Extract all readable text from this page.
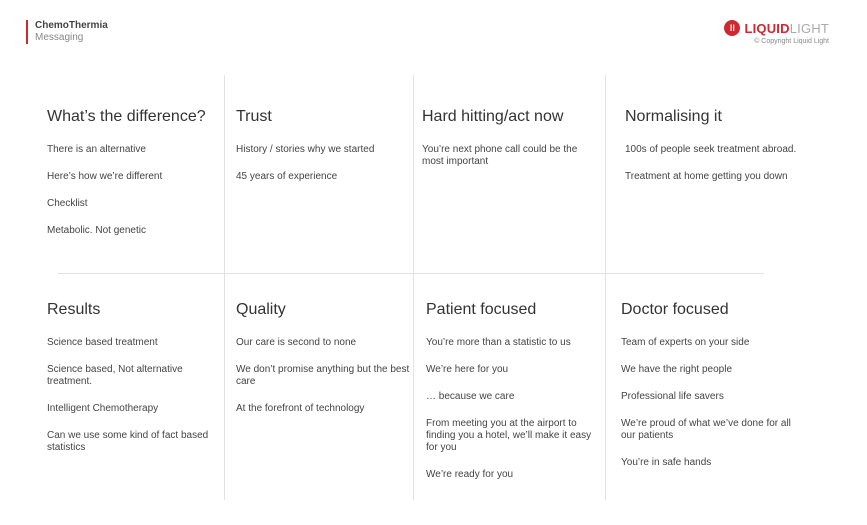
ChemoThermia
Messaging
ll LIQUID LIGHT
© Copyright Liquid Light
What’s the difference?
There is an alternative
Here’s how we’re different
Checklist
Metabolic. Not genetic
Trust
History / stories why we started
45 years of experience
Hard hitting/act now
You’re next phone call could be the most important
Normalising it
100s of people seek treatment abroad.
Treatment at home getting you down
Results
Science based treatment
Science based, Not alternative treatment.
Intelligent Chemotherapy
Can we use some kind of fact based statistics
Quality
Our care is second to none
We don’t promise anything but the best care
At the forefront of technology
Patient focused
You’re more than a statistic to us
We’re here for you
… because we care
From meeting you at the airport to finding you a hotel, we’ll make it easy for you
We’re ready for you
Doctor focused
Team of experts on your side
We have the right people
Professional life savers
We’re proud of what we’ve done for all our patients
You’re in safe hands
